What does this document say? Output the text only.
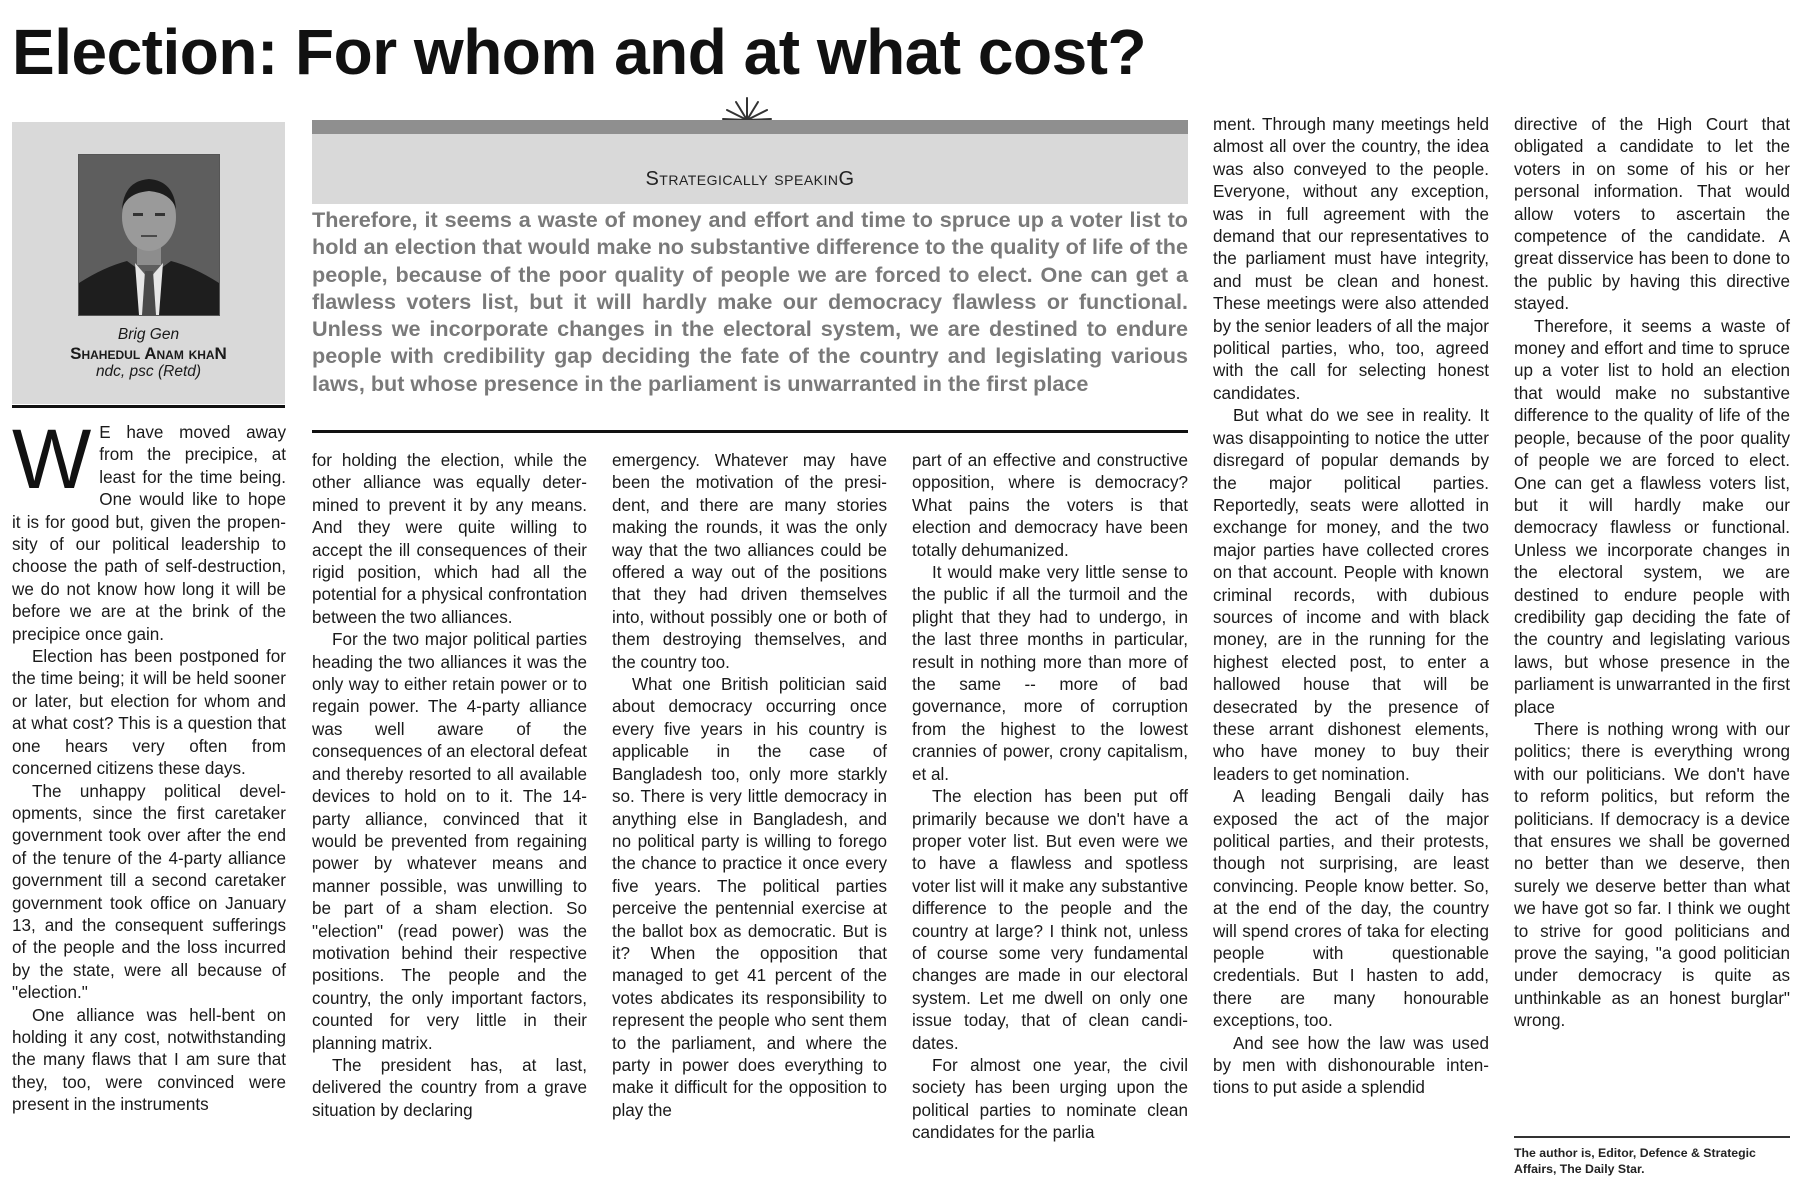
Election: For whom and at what cost?
Brig Gen
Shahedul Anam khaN
ndc, psc (Retd)
Strategically speakinG

Therefore, it seems a waste of money and effort and time to spruce up a voter list to hold an election that would make no substantive difference to the quality of life of the people, because of the poor quality of people we are forced to elect. One can get a flawless voters list, but it will hardly make our democracy flawless or functional. Unless we incorporate changes in the electoral system, we are destined to endure people with credibility gap deciding the fate of the country and legislating various laws, but whose presence in the parliament is unwarranted in the first place

W E have moved away from the precipice, at least for the time being. One would like to hope it is for good but, given the propensity of our political leadership to choose the path of self-destruction, we do not know how long it will be before we are at the brink of the precipice once gain.

Election has been postponed for the time being; it will be held sooner or later, but election for whom and at what cost? This is a question that one hears very often from concerned citizens these days.

The unhappy political developments, since the first caretaker government took over after the end of the tenure of the 4-party alliance government till a second caretaker government took office on January 13, and the consequent sufferings of the people and the loss incurred by the state, were all because of "election."

One alliance was hell-bent on holding it any cost, notwithstanding the many flaws that I am sure that they, too, were convinced were present in the instruments

for holding the election, while the other alliance was equally determined to prevent it by any means. And they were quite willing to accept the ill consequences of their rigid position, which had all the potential for a physical confrontation between the two alliances.

For the two major political parties heading the two alliances it was the only way to either retain power or to regain power. The 4-party alliance was well aware of the consequences of an electoral defeat and thereby resorted to all available devices to hold on to it. The 14-party alliance, convinced that it would be prevented from regaining power by whatever means and manner possible, was unwilling to be part of a sham election. So "election" (read power) was the motivation behind their respective positions. The people and the country, the only important factors, counted for very little in their planning matrix.

The president has, at last, delivered the country from a grave situation by declaring

emergency. Whatever may have been the motivation of the president, and there are many stories making the rounds, it was the only way that the two alliances could be offered a way out of the positions that they had driven themselves into, without possibly one or both of them destroying themselves, and the country too.

What one British politician said about democracy occurring once every five years in his country is applicable in the case of Bangladesh too, only more starkly so. There is very little democracy in anything else in Bangladesh, and no political party is willing to forego the chance to practice it once every five years. The political parties perceive the pentennial exercise at the ballot box as democratic. But is it? When the opposition that managed to get 41 percent of the votes abdicates its responsibility to represent the people who sent them to the parliament, and where the party in power does everything to make it difficult for the opposition to play the

part of an effective and constructive opposition, where is democracy? What pains the voters is that election and democracy have been totally dehumanized.

It would make very little sense to the public if all the turmoil and the plight that they had to undergo, in the last three months in particular, result in nothing more than more of the same -- more of bad governance, more of corruption from the highest to the lowest crannies of power, crony capitalism, et al.

The election has been put off primarily because we don't have a proper voter list. But even were we to have a flawless and spotless voter list will it make any substantive difference to the people and the country at large? I think not, unless of course some very fundamental changes are made in our electoral system. Let me dwell on only one issue today, that of clean candidates.

For almost one year, the civil society has been urging upon the political parties to nominate clean candidates for the parlia

ment. Through many meetings held almost all over the country, the idea was also conveyed to the people. Everyone, without any exception, was in full agreement with the demand that our representatives to the parliament must have integrity, and must be clean and honest. These meetings were also attended by the senior leaders of all the major political parties, who, too, agreed with the call for selecting honest candidates.

But what do we see in reality. It was disappointing to notice the utter disregard of popular demands by the major political parties. Reportedly, seats were allotted in exchange for money, and the two major parties have collected crores on that account. People with known criminal records, with dubious sources of income and with black money, are in the running for the highest elected post, to enter a hallowed house that will be desecrated by the presence of these arrant dishonest elements, who have money to buy their leaders to get nomination.

A leading Bengali daily has exposed the act of the major political parties, and their protests, though not surprising, are least convincing. People know better. So, at the end of the day, the country will spend crores of taka for electing people with questionable credentials. But I hasten to add, there are many honourable exceptions, too.

And see how the law was used by men with dishonourable intentions to put aside a splendid

directive of the High Court that obligated a candidate to let the voters in on some of his or her personal information. That would allow voters to ascertain the competence of the candidate. A great disservice has been to done to the public by having this directive stayed.

Therefore, it seems a waste of money and effort and time to spruce up a voter list to hold an election that would make no substantive difference to the quality of life of the people, because of the poor quality of people we are forced to elect. One can get a flawless voters list, but it will hardly make our democracy flawless or functional. Unless we incorporate changes in the electoral system, we are destined to endure people with credibility gap deciding the fate of the country and legislating various laws, but whose presence in the parliament is unwarranted in the first place

There is nothing wrong with our politics; there is everything wrong with our politicians. We don't have to reform politics, but reform the politicians. If democracy is a device that ensures we shall be governed no better than we deserve, then surely we deserve better than what we have got so far. I think we ought to strive for good politicians and prove the saying, "a good politician under democracy is quite as unthinkable as an honest burglar" wrong.

The author is, Editor, Defence & Strategic Affairs, The Daily Star.
